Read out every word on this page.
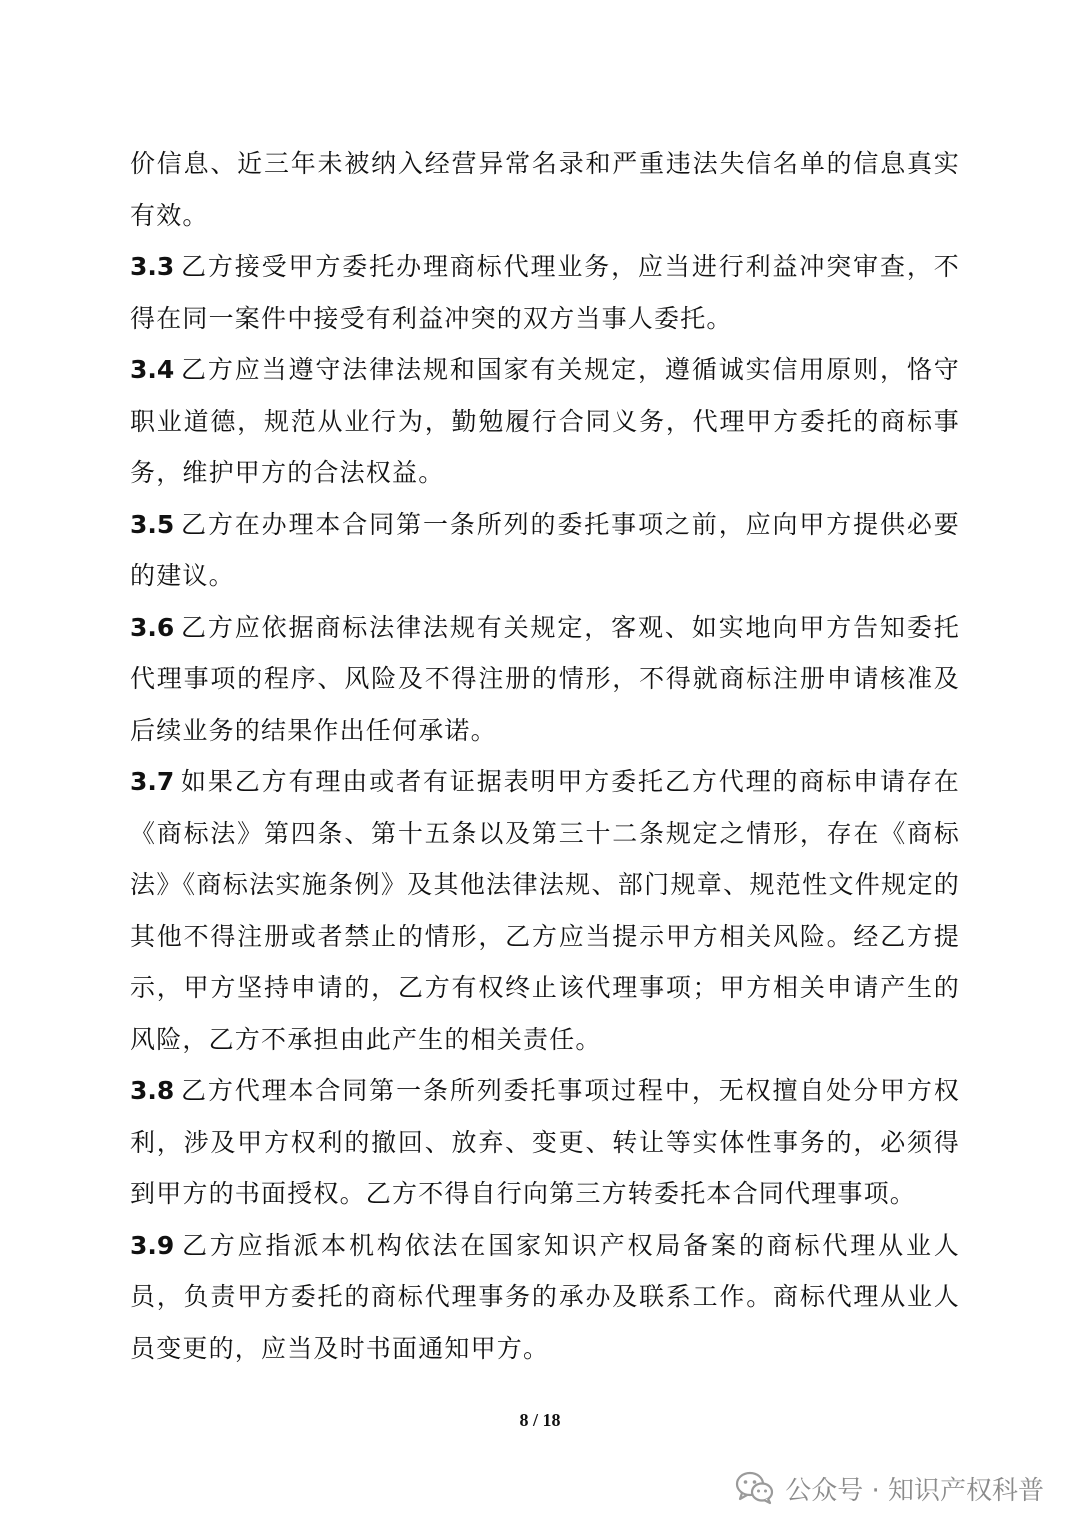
价信息、近三年未被纳入经营异常名录和严重违法失信名单的信息真实有效。

3.3 乙方接受甲方委托办理商标代理业务，应当进行利益冲突审查，不得在同一案件中接受有利益冲突的双方当事人委托。

3.4 乙方应当遵守法律法规和国家有关规定，遵循诚实信用原则，恪守职业道德，规范从业行为，勤勉履行合同义务，代理甲方委托的商标事务，维护甲方的合法权益。

3.5 乙方在办理本合同第一条所列的委托事项之前，应向甲方提供必要的建议。

3.6 乙方应依据商标法律法规有关规定，客观、如实地向甲方告知委托代理事项的程序、风险及不得注册的情形，不得就商标注册申请核准及后续业务的结果作出任何承诺。

3.7 如果乙方有理由或者有证据表明甲方委托乙方代理的商标申请存在《商标法》第四条、第十五条以及第三十二条规定之情形，存在《商标法》《商标法实施条例》及其他法律法规、部门规章、规范性文件规定的其他不得注册或者禁止的情形，乙方应当提示甲方相关风险。经乙方提示，甲方坚持申请的，乙方有权终止该代理事项；甲方相关申请产生的风险，乙方不承担由此产生的相关责任。

3.8 乙方代理本合同第一条所列委托事项过程中，无权擅自处分甲方权利，涉及甲方权利的撤回、放弃、变更、转让等实体性事务的，必须得到甲方的书面授权。乙方不得自行向第三方转委托本合同代理事项。

3.9 乙方应指派本机构依法在国家知识产权局备案的商标代理从业人员，负责甲方委托的商标代理事务的承办及联系工作。商标代理从业人员变更的，应当及时书面通知甲方。

8 / 18
公众号 · 知识产权科普
